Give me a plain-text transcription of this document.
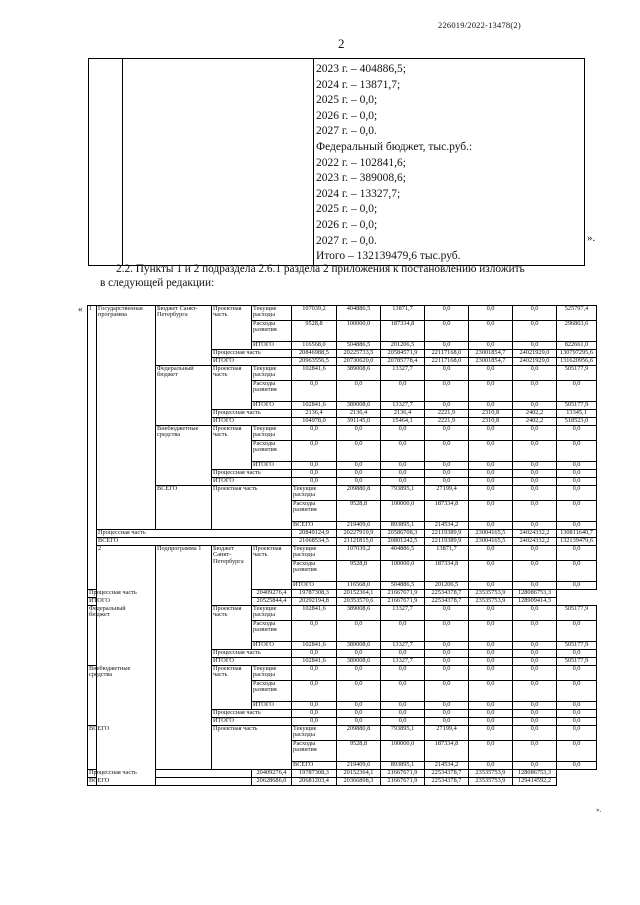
226019/2022-13478(2)
2

2023 г. – 404886,5;
2024 г. – 13871,7;
2025 г. – 0,0;
2026 г. – 0,0;
2027 г. – 0,0.
Федеральный бюджет, тыс.руб.:
2022 г. – 102841,6;
2023 г. – 389008,6;
2024 г. – 13327,7;
2025 г. – 0,0;
2026 г. – 0,0;
2027 г. – 0,0.
Итого – 132139479,6 тыс.руб.
».
2.2. Пункты 1 и 2 подраздела 2.6.1 раздела 2 приложения к постановлению изложить
в следующей редакции:
« 1	Государственная программа	Бюджет Санкт-Петербурга	Проектная часть	Текущие расходы	107039,2	404886,5	13871,7	0,0	0,0	0,0	525797,4	
				Расходы развития	9528,8	100000,0	187334,8	0,0	0,0	0,0	296863,6	
				ИТОГО	116568,0	504886,5	201206,5	0,0	0,0	0,0	822661,0	
			Процессная часть		20846988,5	20225733,5	20584571,9	22117168,0	23001854,7	24021929,0	130797295,6	
			ИТОГО		20963556,5	20730620,0	20785778,4	22117168,0	23001854,7	24021929,0	131620956,6	
		Федеральный бюджет	Проектная часть	Текущие расходы	102841,6	389008,6	13327,7	0,0	0,0	0,0	505177,9	
				Расходы развития	0,0	0,0	0,0	0,0	0,0	0,0	0,0	
				ИТОГО	102841,6	389008,6	13327,7	0,0	0,0	0,0	505177,9	
			Процессная часть		2136,4	2136,4	2136,4	2221,9	2310,8	2402,2	13345,1	
			ИТОГО		104978,0	391145,0	15464,1	2221,9	2310,8	2402,2	518523,0	
		Внебюджетные средства	Проектная часть	Текущие расходы	0,0	0,0	0,0	0,0	0,0	0,0	0,0	
				Расходы развития	0,0	0,0	0,0	0,0	0,0	0,0	0,0	
				ИТОГО	0,0	0,0	0,0	0,0	0,0	0,0	0,0	
			Процессная часть		0,0	0,0	0,0	0,0	0,0	0,0	0,0	
			ИТОГО		0,0	0,0	0,0	0,0	0,0	0,0	0,0	
		ВСЕГО	Проектная часть		Текущие расходы	209880,8	793895,1	27199,4	0,0	0,0	0,0	
					Расходы развития	9528,8	100000,0	187334,8	0,0	0,0	0,0	
					ВСЕГО	219409,6	893895,1	214534,2	0,0	0,0	0,0	
	Процессная часть				20849124,9	20227919,9	20586708,3	22119389,9	23004165,5	24024332,2	130811640,7	
	ВСЕГО				21068534,5	21121815,0	20801242,5	22119389,9	23004165,5	24024332,2	132139479,6	
	2	Подпрограмма 1	Бюджет Санкт-Петербурга	Проектная часть	Текущие расходы	107039,2	404886,5	13871,7	0,0	0,0	0,0	
					Расходы развития	9528,8	100000,0	187334,8	0,0	0,0	0,0	
					ИТОГО	116568,0	504886,5	201206,5	0,0	0,0	0,0	
Процессная часть				20409276,4	19787308,3	20152364,1	21667671,9	22534378,7	23535753,9	128086753,3		
ИТОГО				20525844,4	20292194,8	20353570,6	21667671,9	22534378,7	23535753,9	128909414,3		
Федеральный бюджет			Проектная часть	Текущие расходы	102841,6	389008,6	13327,7	0,0	0,0	0,0	505177,9	
				Расходы развития	0,0	0,0	0,0	0,0	0,0	0,0	0,0	
				ИТОГО	102841,6	389008,6	13327,7	0,0	0,0	0,0	505177,9	
			Процессная часть		0,0	0,0	0,0	0,0	0,0	0,0	0,0	
			ИТОГО		102841,6	389008,6	13327,7	0,0	0,0	0,0	505177,9	
Внебюджетные средства			Проектная часть	Текущие расходы	0,0	0,0	0,0	0,0	0,0	0,0	0,0	
				Расходы развития	0,0	0,0	0,0	0,0	0,0	0,0	0,0	
				ИТОГО	0,0	0,0	0,0	0,0	0,0	0,0	0,0	
			Процессная часть		0,0	0,0	0,0	0,0	0,0	0,0	0,0	
			ИТОГО		0,0	0,0	0,0	0,0	0,0	0,0	0,0	
ВСЕГО			Проектная часть		Текущие расходы	209880,8	793895,1	27199,4	0,0	0,0	0,0	
					Расходы развития	9528,8	100000,0	187334,8	0,0	0,0	0,0	
					ВСЕГО	219409,6	893895,1	214534,2	0,0	0,0	0,0	
Процессная часть				20409276,4	19787308,3	20152364,1	21667671,9	22534378,7	23535753,9	128086753,3		
ВСЕГО				20628686,0	20681203,4	20366898,3	21667671,9	22534378,7	23535753,9	129414592,2		
».
